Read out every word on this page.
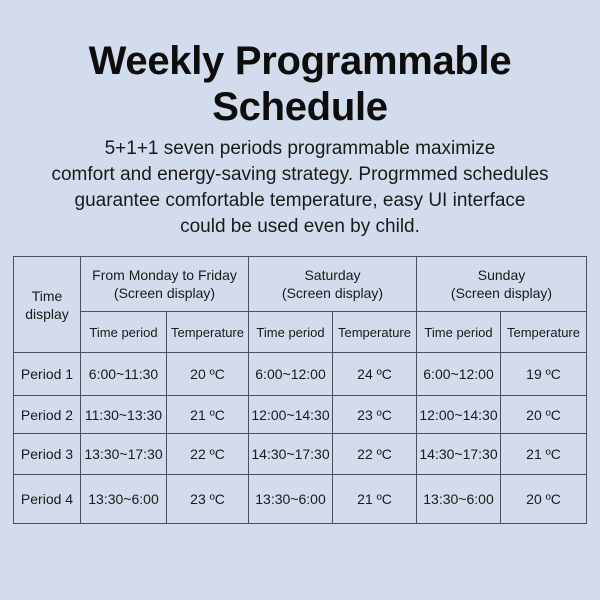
Weekly Programmable
Schedule
5+1+1 seven periods programmable maximize
comfort and energy-saving strategy. Progrmmed schedules
guarantee comfortable temperature, easy UI interface
could be used even by child.
Time
display	From Monday to Friday
(Screen display)		Saturday
(Screen display)		Sunday
(Screen display)	

	Time period	Temperature	Time period	Temperature	Time period	Temperature
Period 1	6:00~11:30	20 ºC	6:00~12:00	24 ºC	6:00~12:00	19 ºC
Period 2	11:30~13:30	21 ºC	12:00~14:30	23 ºC	12:00~14:30	20 ºC
Period 3	13:30~17:30	22 ºC	14:30~17:30	22 ºC	14:30~17:30	21 ºC
Period 4	13:30~6:00	23 ºC	13:30~6:00	21 ºC	13:30~6:00	20 ºC
